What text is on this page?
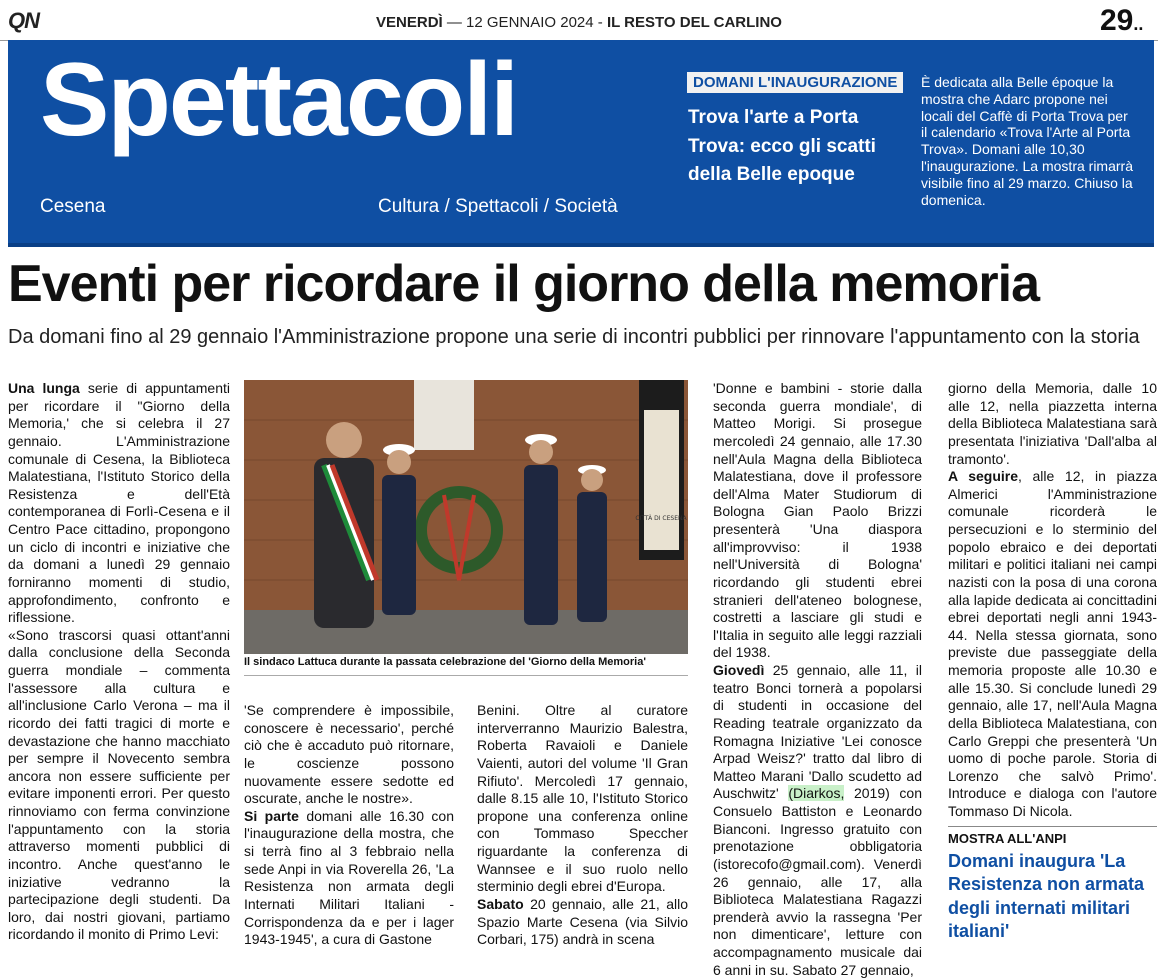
QN	VENERDÌ — 12 GENNAIO 2024 - IL RESTO DEL CARLINO	29..
Spettacoli
Cesena	Cultura / Spettacoli / Società
DOMANI L'INAUGURAZIONE
Trova l'arte a Porta Trova: ecco gli scatti della Belle epoque
È dedicata alla Belle époque la mostra che Adarc propone nei locali del Caffè di Porta Trova per il calendario «Trova l'Arte al Porta Trova». Domani alle 10,30 l'inaugurazione. La mostra rimarrà visibile fino al 29 marzo. Chiuso la domenica.
Eventi per ricordare il giorno della memoria
Da domani fino al 29 gennaio l'Amministrazione propone una serie di incontri pubblici per rinnovare l'appuntamento con la storia

Una lunga serie di appuntamenti per ricordare il "Giorno della Memoria,' che si celebra il 27 gennaio. L'Amministrazione comunale di Cesena, la Biblioteca Malatestiana, l'Istituto Storico della Resistenza e dell'Età contemporanea di Forlì-Cesena e il Centro Pace cittadino, propongono un ciclo di incontri e iniziative che da domani a lunedì 29 gennaio forniranno momenti di studio, approfondimento, confronto e riflessione.

«Sono trascorsi quasi ottant'anni dalla conclusione della Seconda guerra mondiale – commenta l'assessore alla cultura e all'inclusione Carlo Verona – ma il ricordo dei fatti tragici di morte e devastazione che hanno macchiato per sempre il Novecento sembra ancora non essere sufficiente per evitare imponenti errori. Per questo rinnoviamo con ferma convinzione l'appuntamento con la storia attraverso momenti pubblici di incontro. Anche quest'anno le iniziative vedranno la partecipazione degli studenti. Da loro, dai nostri giovani, partiamo ricordando il monito di Primo Levi:

CITTÀ DI CESENA
Il sindaco Lattuca durante la passata celebrazione del 'Giorno della Memoria'

'Se comprendere è impossibile, conoscere è necessario', perché ciò che è accaduto può ritornare, le coscienze possono nuovamente essere sedotte ed oscurate, anche le nostre».

Si parte domani alle 16.30 con l'inaugurazione della mostra, che si terrà fino al 3 febbraio nella sede Anpi in via Roverella 26, 'La Resistenza non armata degli Internati Militari Italiani - Corrispondenza da e per i lager 1943-1945', a cura di Gastone

Benini. Oltre al curatore interverranno Maurizio Balestra, Roberta Ravaioli e Daniele Vaienti, autori del volume 'Il Gran Rifiuto'. Mercoledì 17 gennaio, dalle 8.15 alle 10, l'Istituto Storico propone una conferenza online con Tommaso Speccher riguardante la conferenza di Wannsee e il suo ruolo nello sterminio degli ebrei d'Europa.

Sabato 20 gennaio, alle 21, allo Spazio Marte Cesena (via Silvio Corbari, 175) andrà in scena

'Donne e bambini - storie dalla seconda guerra mondiale', di Matteo Morigi. Si prosegue mercoledì 24 gennaio, alle 17.30 nell'Aula Magna della Biblioteca Malatestiana, dove il professore dell'Alma Mater Studiorum di Bologna Gian Paolo Brizzi presenterà 'Una diaspora all'improvviso: il 1938 nell'Università di Bologna' ricordando gli studenti ebrei stranieri dell'ateneo bolognese, costretti a lasciare gli studi e l'Italia in seguito alle leggi razziali del 1938.

Giovedì 25 gennaio, alle 11, il teatro Bonci tornerà a popolarsi di studenti in occasione del Reading teatrale organizzato da Romagna Iniziative 'Lei conosce Arpad Weisz?' tratto dal libro di Matteo Marani 'Dallo scudetto ad Auschwitz' (Diarkos, 2019) con Consuelo Battiston e Leonardo Bianconi. Ingresso gratuito con prenotazione obbligatoria (istorecofo@gmail.com). Venerdì 26 gennaio, alle 17, alla Biblioteca Malatestiana Ragazzi prenderà avvio la rassegna 'Per non dimenticare', letture con accompagnamento musicale dai 6 anni in su. Sabato 27 gennaio,

giorno della Memoria, dalle 10 alle 12, nella piazzetta interna della Biblioteca Malatestiana sarà presentata l'iniziativa 'Dall'alba al tramonto'.

A seguire, alle 12, in piazza Almerici l'Amministrazione comunale ricorderà le persecuzioni e lo sterminio del popolo ebraico e dei deportati militari e politici italiani nei campi nazisti con la posa di una corona alla lapide dedicata ai concittadini ebrei deportati negli anni 1943-44. Nella stessa giornata, sono previste due passeggiate della memoria proposte alle 10.30 e alle 15.30. Si conclude lunedì 29 gennaio, alle 17, nell'Aula Magna della Biblioteca Malatestiana, con Carlo Greppi che presenterà 'Un uomo di poche parole. Storia di Lorenzo che salvò Primo'. Introduce e dialoga con l'autore Tommaso Di Nicola.

MOSTRA ALL'ANPI
Domani inaugura 'La Resistenza non armata degli internati militari italiani'
